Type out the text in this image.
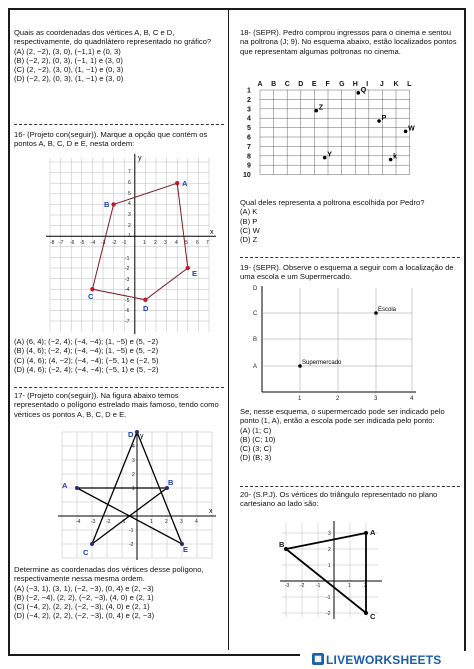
Quais as coordenadas dos vértices A, B, C e D, respectivamente, do quadrilátero representado no gráfico?

(A) (2, −2), (3, 0), (−1,1) e (0, 3)

(B) (−2, 2), (0, 3), (−1, 1) e (3, 0)

(C) (2, −2), (3, 0), (1, −1) e (0, 3)

(D) (−2, 2), (0, 3), (1, −1) e (3, 0)

16- (Projeto con(seguir)). Marque a opção que contém os pontos A, B, C, D e E, nesta ordem:

x
y
7
6
5
4
3
2
1
-1
-2
-3
-4
-5
-6
-7
-8 -7 -6 -5 -4 -3 -2 -1	1 2 3 4 5 6 7
A
B
C
D
E

(A) (6, 4); (−2, 4); (−4, −4); (1, −5) e (5, −2)

(B) (4, 6); (−2, 4); (−4, −4); (1, −5) e (5, −2)

(C) (4, 6); (4, −2); (−4, −4); (−5, 1) e (−2, 5)

(D) (4, 6); (−2, 4); (−4, −4); (−5, 1) e (5, −2)

17- (Projeto con(seguir)). Na figura abaixo temos representado o polígono estrelado mais famoso, tendo como vértices os pontos A, B, C, D e E.

x
y
-4 -3 -2 -1	1 2 3 4
4
3
2
1
-1
-2
A	B
C
D
E

Determine as coordenadas dos vértices desse polígono, respectivamente nessa mesma ordem.

(A) (−3, 1), (3, 1), (−2, −3), (0, 4) e (2, −3)

(B) (−2, −4), (2, 2), (−2, −3), (4, 0) e (2, 1)

(C) (−4, 2), (2, 2), (−2, −3), (4, 0) e (2, 1)

(D) (−4, 2), (2, 2), (−2, −3), (0, 4) e (2, −3)

18- (SEPR). Pedro comprou ingressos para o cinema e sentou na poltrona (J; 9). No esquema abaixo, estão localizados pontos que representam algumas poltronas no cinema.

A B C D E F G H I J K L
1
2
3
4
5
6
7
8
9
10
Z
Q
P
W
Y	k

Qual deles representa a poltrona escolhida por Pedro?

(A) K

(B) P

(C) W

(D) Z

19- (SEPR). Observe o esquema a seguir com a localização de uma escola e um Supermercado.

D
C
B
A
1	2	3	4
Escola
Supermercado

Se, nesse esquema, o supermercado pode ser indicado pelo ponto (1, A), então a escola pode ser indicada pelo ponto:

(A) (1; C)

(B) (C; 10)

(C) (3; C)

(D) (B; 3)

20- (S.P.J). Os vértices do triângulo representado no plano cartesiano ao lado são:

-3 -2 -1	1	2
3
2
1
-1
-2
A
B
C
▦ LIVEWORKSHEETS
